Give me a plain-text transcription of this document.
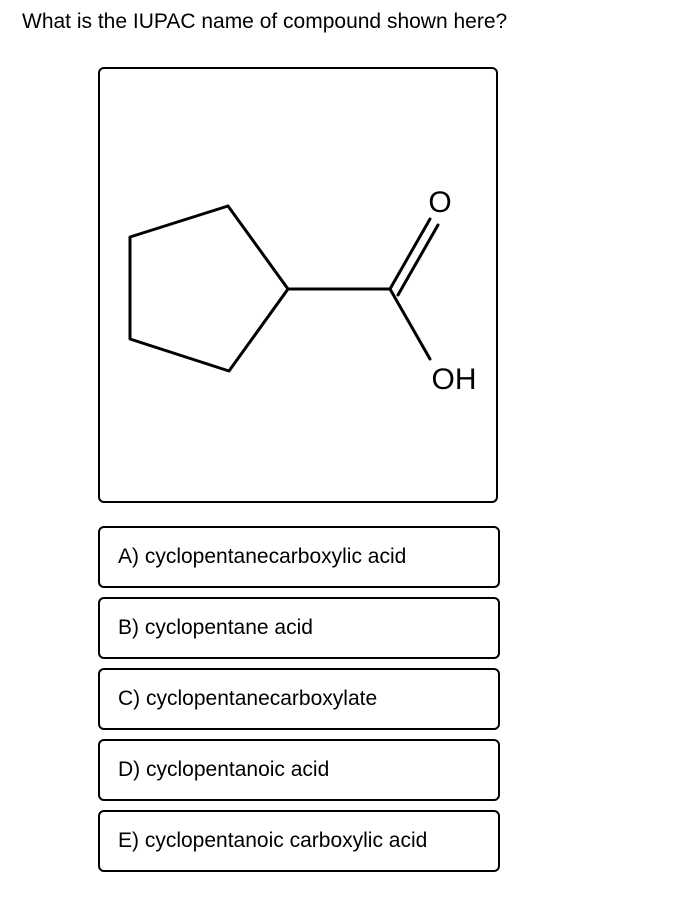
What is the IUPAC name of compound shown here?
O
OH
A) cyclopentanecarboxylic acid
B) cyclopentane acid
C) cyclopentanecarboxylate
D) cyclopentanoic acid
E) cyclopentanoic carboxylic acid
